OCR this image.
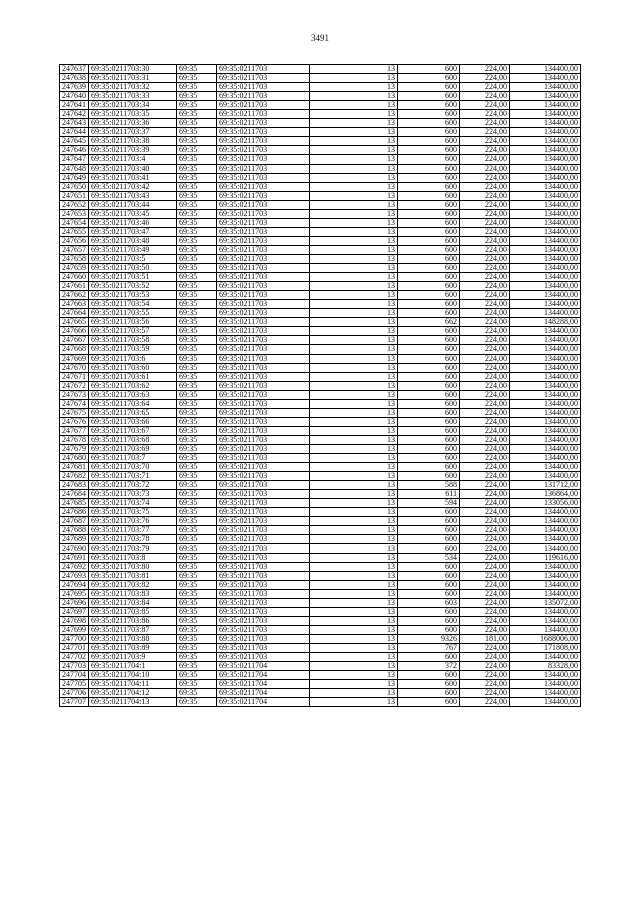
3491
247637	69:35:0211703:30	69:35	69:35:0211703	13	600	224,00	134400,00
247638	69:35:0211703:31	69:35	69:35:0211703	13	600	224,00	134400,00
247639	69:35:0211703:32	69:35	69:35:0211703	13	600	224,00	134400,00
247640	69:35:0211703:33	69:35	69:35:0211703	13	600	224,00	134400,00
247641	69:35:0211703:34	69:35	69:35:0211703	13	600	224,00	134400,00
247642	69:35:0211703:35	69:35	69:35:0211703	13	600	224,00	134400,00
247643	69:35:0211703:36	69:35	69:35:0211703	13	600	224,00	134400,00
247644	69:35:0211703:37	69:35	69:35:0211703	13	600	224,00	134400,00
247645	69:35:0211703:38	69:35	69:35:0211703	13	600	224,00	134400,00
247646	69:35:0211703:39	69:35	69:35:0211703	13	600	224,00	134400,00
247647	69:35:0211703:4	69:35	69:35:0211703	13	600	224,00	134400,00
247648	69:35:0211703:40	69:35	69:35:0211703	13	600	224,00	134400,00
247649	69:35:0211703:41	69:35	69:35:0211703	13	600	224,00	134400,00
247650	69:35:0211703:42	69:35	69:35:0211703	13	600	224,00	134400,00
247651	69:35:0211703:43	69:35	69:35:0211703	13	600	224,00	134400,00
247652	69:35:0211703:44	69:35	69:35:0211703	13	600	224,00	134400,00
247653	69:35:0211703:45	69:35	69:35:0211703	13	600	224,00	134400,00
247654	69:35:0211703:46	69:35	69:35:0211703	13	600	224,00	134400,00
247655	69:35:0211703:47	69:35	69:35:0211703	13	600	224,00	134400,00
247656	69:35:0211703:48	69:35	69:35:0211703	13	600	224,00	134400,00
247657	69:35:0211703:49	69:35	69:35:0211703	13	600	224,00	134400,00
247658	69:35:0211703:5	69:35	69:35:0211703	13	600	224,00	134400,00
247659	69:35:0211703:50	69:35	69:35:0211703	13	600	224,00	134400,00
247660	69:35:0211703:51	69:35	69:35:0211703	13	600	224,00	134400,00
247661	69:35:0211703:52	69:35	69:35:0211703	13	600	224,00	134400,00
247662	69:35:0211703:53	69:35	69:35:0211703	13	600	224,00	134400,00
247663	69:35:0211703:54	69:35	69:35:0211703	13	600	224,00	134400,00
247664	69:35:0211703:55	69:35	69:35:0211703	13	600	224,00	134400,00
247665	69:35:0211703:56	69:35	69:35:0211703	13	662	224,00	148288,00
247666	69:35:0211703:57	69:35	69:35:0211703	13	600	224,00	134400,00
247667	69:35:0211703:58	69:35	69:35:0211703	13	600	224,00	134400,00
247668	69:35:0211703:59	69:35	69:35:0211703	13	600	224,00	134400,00
247669	69:35:0211703:6	69:35	69:35:0211703	13	600	224,00	134400,00
247670	69:35:0211703:60	69:35	69:35:0211703	13	600	224,00	134400,00
247671	69:35:0211703:61	69:35	69:35:0211703	13	600	224,00	134400,00
247672	69:35:0211703:62	69:35	69:35:0211703	13	600	224,00	134400,00
247673	69:35:0211703:63	69:35	69:35:0211703	13	600	224,00	134400,00
247674	69:35:0211703:64	69:35	69:35:0211703	13	600	224,00	134400,00
247675	69:35:0211703:65	69:35	69:35:0211703	13	600	224,00	134400,00
247676	69:35:0211703:66	69:35	69:35:0211703	13	600	224,00	134400,00
247677	69:35:0211703:67	69:35	69:35:0211703	13	600	224,00	134400,00
247678	69:35:0211703:68	69:35	69:35:0211703	13	600	224,00	134400,00
247679	69:35:0211703:69	69:35	69:35:0211703	13	600	224,00	134400,00
247680	69:35:0211703:7	69:35	69:35:0211703	13	600	224,00	134400,00
247681	69:35:0211703:70	69:35	69:35:0211703	13	600	224,00	134400,00
247682	69:35:0211703:71	69:35	69:35:0211703	13	600	224,00	134400,00
247683	69:35:0211703:72	69:35	69:35:0211703	13	588	224,00	131712,00
247684	69:35:0211703:73	69:35	69:35:0211703	13	611	224,00	136864,00
247685	69:35:0211703:74	69:35	69:35:0211703	13	594	224,00	133056,00
247686	69:35:0211703:75	69:35	69:35:0211703	13	600	224,00	134400,00
247687	69:35:0211703:76	69:35	69:35:0211703	13	600	224,00	134400,00
247688	69:35:0211703:77	69:35	69:35:0211703	13	600	224,00	134400,00
247689	69:35:0211703:78	69:35	69:35:0211703	13	600	224,00	134400,00
247690	69:35:0211703:79	69:35	69:35:0211703	13	600	224,00	134400,00
247691	69:35:0211703:8	69:35	69:35:0211703	13	534	224,00	119616,00
247692	69:35:0211703:80	69:35	69:35:0211703	13	600	224,00	134400,00
247693	69:35:0211703:81	69:35	69:35:0211703	13	600	224,00	134400,00
247694	69:35:0211703:82	69:35	69:35:0211703	13	600	224,00	134400,00
247695	69:35:0211703:83	69:35	69:35:0211703	13	600	224,00	134400,00
247696	69:35:0211703:84	69:35	69:35:0211703	13	603	224,00	135072,00
247697	69:35:0211703:85	69:35	69:35:0211703	13	600	224,00	134400,00
247698	69:35:0211703:86	69:35	69:35:0211703	13	600	224,00	134400,00
247699	69:35:0211703:87	69:35	69:35:0211703	13	600	224,00	134400,00
247700	69:35:0211703:88	69:35	69:35:0211703	13	9326	181,00	1688006,00
247701	69:35:0211703:89	69:35	69:35:0211703	13	767	224,00	171808,00
247702	69:35:0211703:9	69:35	69:35:0211703	13	600	224,00	134400,00
247703	69:35:0211704:1	69:35	69:35:0211704	13	372	224,00	83328,00
247704	69:35:0211704:10	69:35	69:35:0211704	13	600	224,00	134400,00
247705	69:35:0211704:11	69:35	69:35:0211704	13	600	224,00	134400,00
247706	69:35:0211704:12	69:35	69:35:0211704	13	600	224,00	134400,00
247707	69:35:0211704:13	69:35	69:35:0211704	13	600	224,00	134400,00
